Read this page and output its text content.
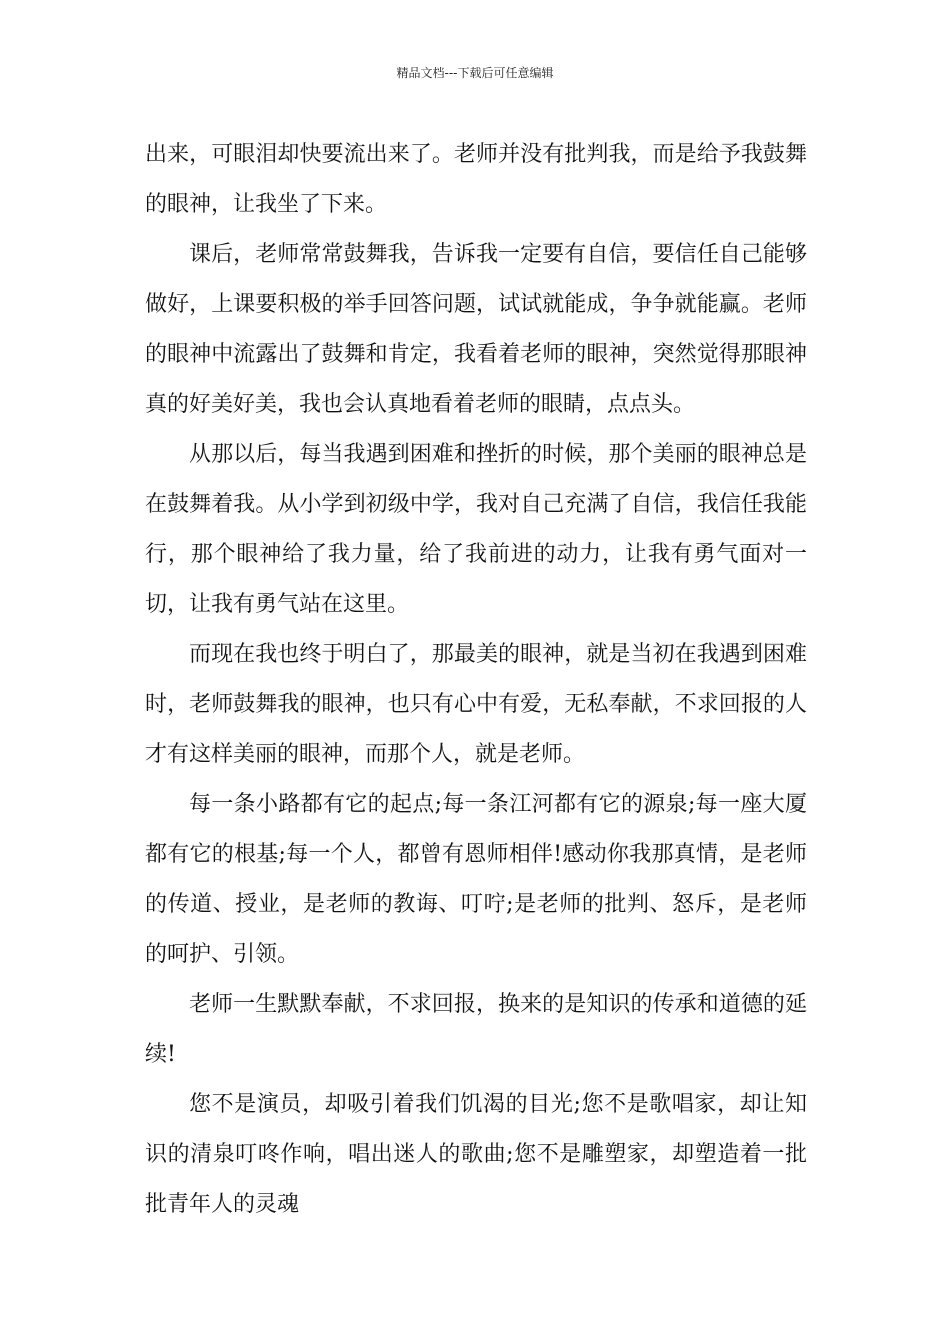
精品文档---下载后可任意编辑

出来，可眼泪却快要流出来了。老师并没有批判我，而是给予我鼓舞的眼神，让我坐了下来。

课后，老师常常鼓舞我，告诉我一定要有自信，要信任自己能够做好，上课要积极的举手回答问题，试试就能成，争争就能赢。老师的眼神中流露出了鼓舞和肯定，我看着老师的眼神，突然觉得那眼神真的好美好美，我也会认真地看着老师的眼睛，点点头。

从那以后，每当我遇到困难和挫折的时候，那个美丽的眼神总是在鼓舞着我。从小学到初级中学，我对自己充满了自信，我信任我能行，那个眼神给了我力量，给了我前进的动力，让我有勇气面对一切，让我有勇气站在这里。

而现在我也终于明白了，那最美的眼神，就是当初在我遇到困难时，老师鼓舞我的眼神，也只有心中有爱，无私奉献，不求回报的人才有这样美丽的眼神，而那个人，就是老师。

每一条小路都有它的起点;每一条江河都有它的源泉;每一座大厦都有它的根基;每一个人，都曾有恩师相伴!感动你我那真情，是老师的传道、授业，是老师的教诲、叮咛;是老师的批判、怒斥，是老师的呵护、引领。

老师一生默默奉献，不求回报，换来的是知识的传承和道德的延续!

您不是演员，却吸引着我们饥渴的目光;您不是歌唱家，却让知识的清泉叮咚作响，唱出迷人的歌曲;您不是雕塑家，却塑造着一批批青年人的灵魂
